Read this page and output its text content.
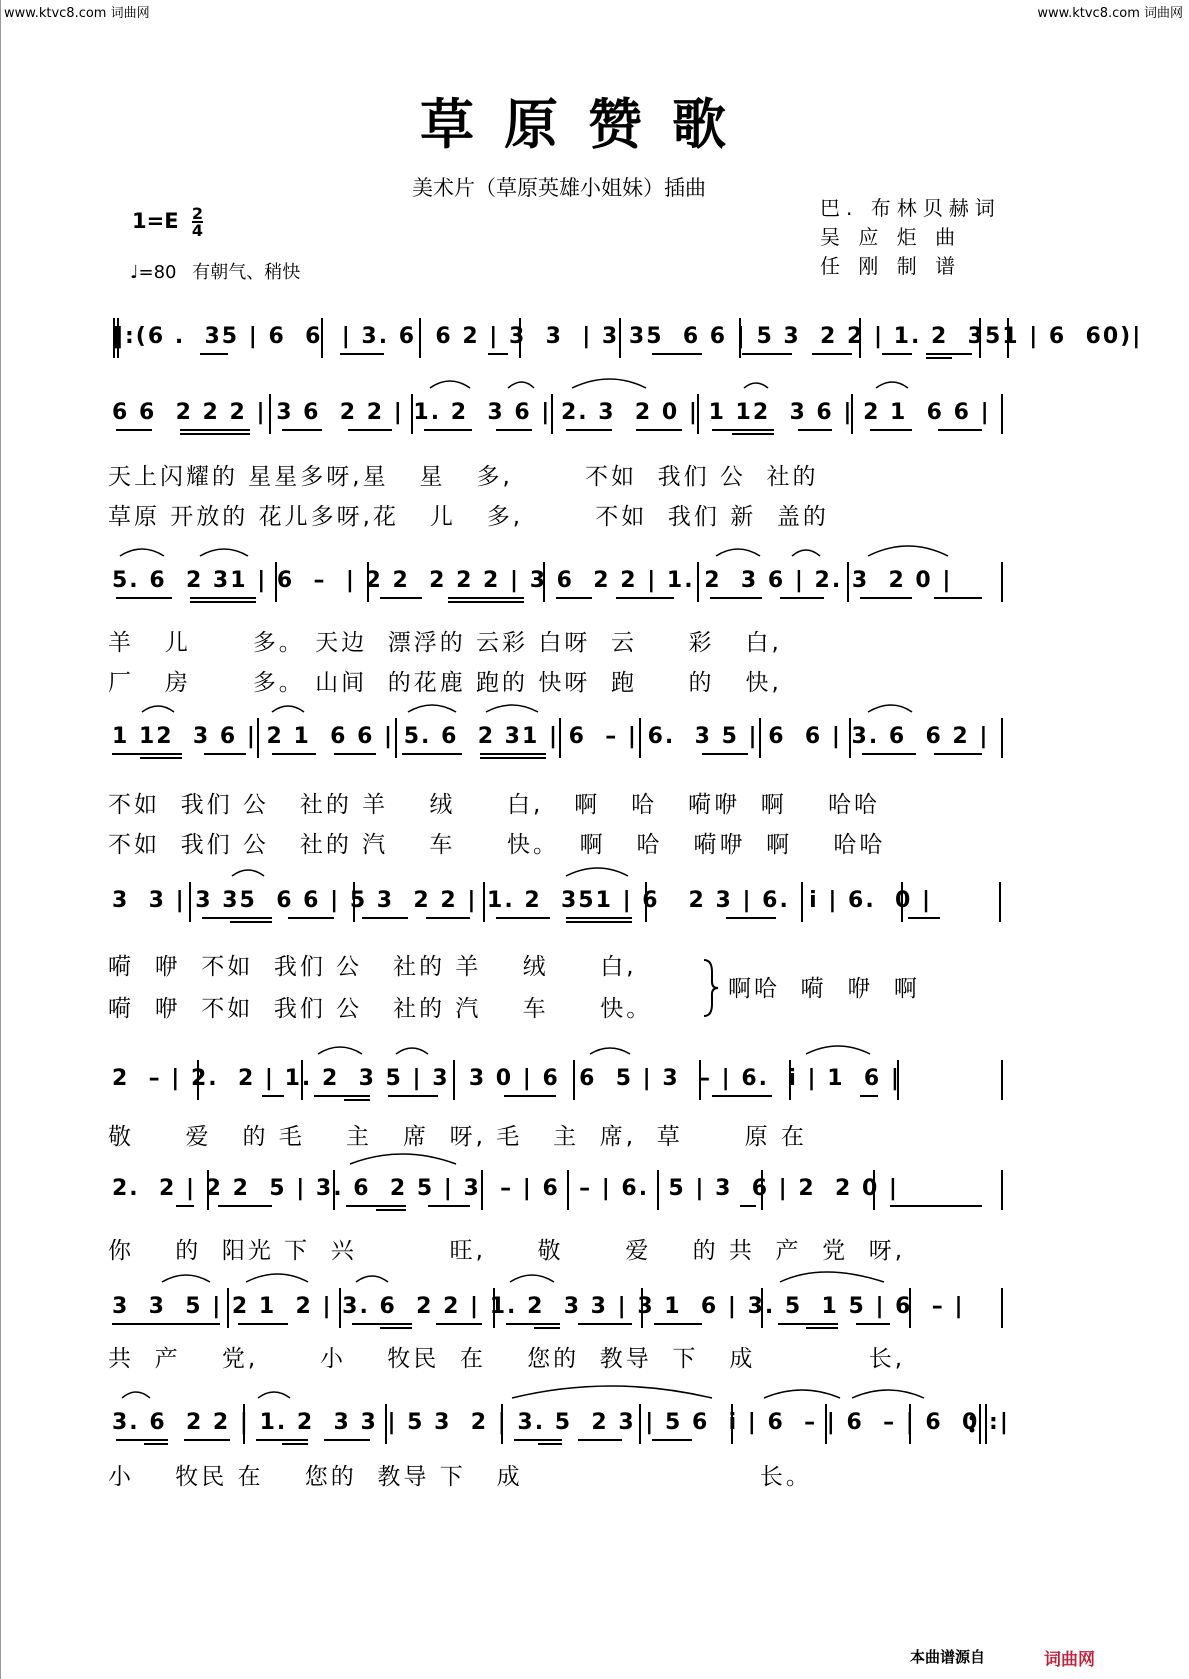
www.ktvc8.com 词曲网	www.ktvc8.com 词曲网
草原赞歌
美术片（草原英雄小姐妹）插曲
巴. 布林贝赫词
吴 应 炬 曲
任 刚 制 谱
$1=E \frac{2}{4}$
♩=80 有朝气、稍快
‖:(6 .  35 | 6  6  | 3. 6  6 2 | 3  3  | 3 35  6 6 | 5 3  2 2 | 1. 2  351 | 6  60)|
6 6  2 2 2 | 3 6  2 2 | 1. 2  3 6 | 2. 3  2 0 | 1 12  3 6 | 2 1  6 6 |
天上闪耀的 星星多呀,星   星   多,       不如  我们 公  社的
草原 开放的 花儿多呀,花   儿   多,       不如  我们 新  盖的
5. 6  2 31 | 6  –  | 2 2  2 2 2 | 3 6  2 2 | 1. 2  3 6 | 2. 3  2 0 |
羊   儿      多。 天边  漂浮的 云彩 白呀  云     彩   白,
厂   房      多。 山间  的花鹿 跑的 快呀  跑     的   快,
1 12  3 6 | 2 1  6 6 | 5. 6  2 31 | 6  – | 6.  3 5 | 6  6 | 3. 6  6 2 |
不如  我们 公   社的 羊    绒     白,   啊   哈   嗬咿  啊    哈哈
不如  我们 公   社的 汽    车     快。  啊   哈   嗬咿  啊    哈哈
3  3 | 3 35  6 6 | 5 3  2 2 | 1. 2  351 | 6   2 3 | 6.  i | 6.  0 |
嗬  咿  不如  我们 公   社的 羊    绒     白,
嗬  咿  不如  我们 公   社的 汽    车     快。
啊哈  嗬  咿  啊
2  – | 2.  2 | 1. 2  3 5 | 3  3 0 | 6  6  5 | 3  – | 6.  i | 1  6 |
敬     爱   的 毛    主   席  呀, 毛   主  席,  草      原 在
2.  2 | 2 2  5 | 3. 6  2 5 | 3  – | 6  – | 6.  5 | 3  6 | 2  2 0 |
你    的  阳光 下  兴         旺,     敬      爱    的 共  产  党  呀,
3  3  5 | 2 1  2 | 3. 6  2 2 | 1. 2  3 3 | 3 1  6 | 3. 5  1 5 | 6  – |
共  产    党,      小    牧民  在    您的  教导  下   成           长,
3. 6  2 2 | 1. 2  3 3 | 5 3  2 | 3. 5  2 3 | 5 6  i | 6  – | 6  – | 6  0 :|
小    牧民 在    您的  教导 下   成                       长。
本曲谱源自	词曲网
